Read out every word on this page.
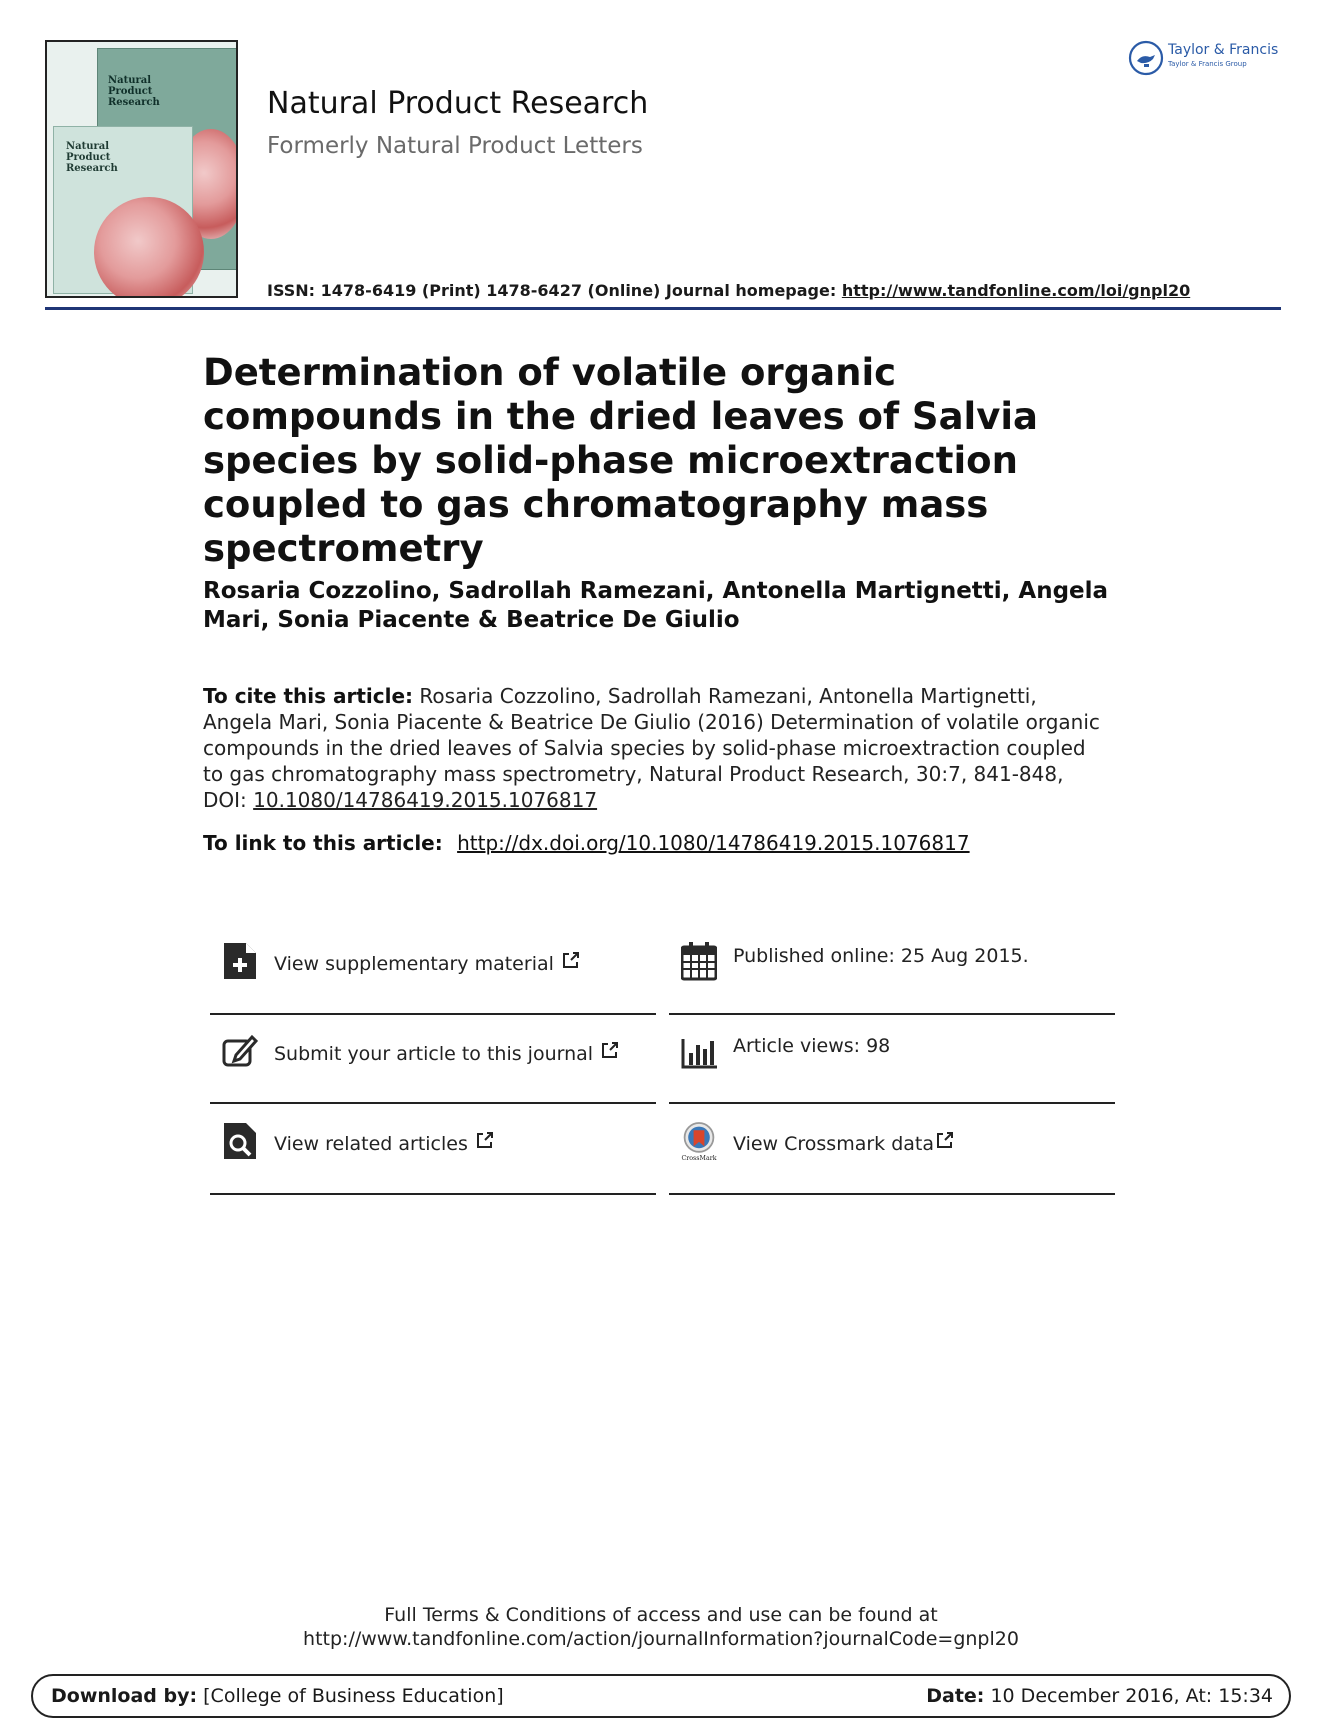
Natural
Product
Research
Natural
Product
Research
Natural Product Research
Formerly Natural Product Letters
ISSN: 1478-6419 (Print) 1478-6427 (Online) Journal homepage: http://www.tandfonline.com/loi/gnpl20
Taylor & Francis
Taylor & Francis Group
Determination of volatile organic compounds in the dried leaves of Salvia species by solid-phase microextraction coupled to gas chromatography mass spectrometry
Rosaria Cozzolino, Sadrollah Ramezani, Antonella Martignetti, Angela Mari, Sonia Piacente & Beatrice De Giulio
To cite this article: Rosaria Cozzolino, Sadrollah Ramezani, Antonella Martignetti, Angela Mari, Sonia Piacente & Beatrice De Giulio (2016) Determination of volatile organic compounds in the dried leaves of Salvia species by solid-phase microextraction coupled to gas chromatography mass spectrometry, Natural Product Research, 30:7, 841-848, DOI: 10.1080/14786419.2015.1076817
To link to this article: http://dx.doi.org/10.1080/14786419.2015.1076817
View supplementary material
Submit your article to this journal
View related articles
Published online: 25 Aug 2015.
Article views: 98
CrossMark
View Crossmark data
Full Terms & Conditions of access and use can be found at
http://www.tandfonline.com/action/journalInformation?journalCode=gnpl20
Download by: [College of Business Education]	Date: 10 December 2016, At: 15:34
